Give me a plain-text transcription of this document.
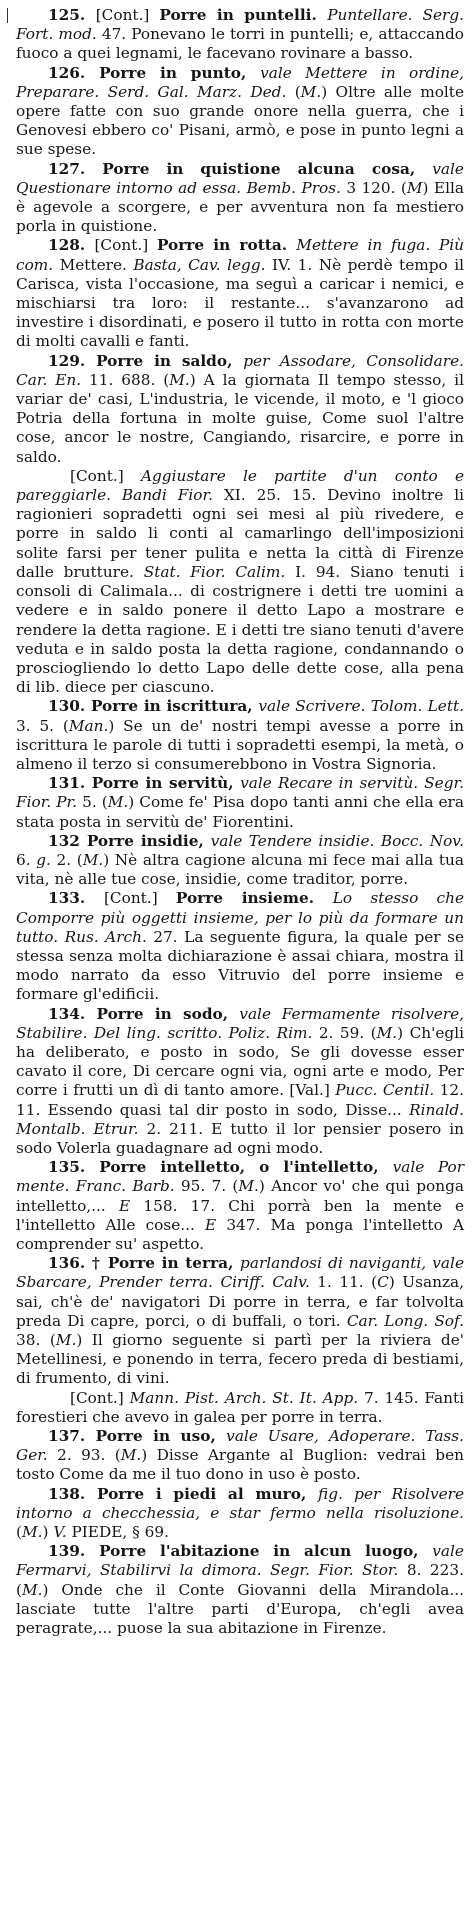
125. [Cont.] Porre in puntelli. Puntellare. Serg. Fort. mod. 47. Ponevano le torri in puntelli; e, attaccando fuoco a quei legnami, le facevano rovinare a basso.

126. Porre in punto, vale Mettere in ordine, Preparare. Serd. Gal. Marz. Ded. (M.) Oltre alle molte opere fatte con suo grande onore nella guerra, che i Genovesi ebbero co' Pisani, armò, e pose in punto legni a sue spese.

127. Porre in quistione alcuna cosa, vale Questionare intorno ad essa. Bemb. Pros. 3 120. (M) Ella è agevole a scorgere, e per avventura non fa mestiero porla in quistione.

128. [Cont.] Porre in rotta. Mettere in fuga. Più com. Mettere. Basta, Cav. legg. IV. 1. Nè perdè tempo il Carisca, vista l'occasione, ma seguì a caricar i nemici, e mischiarsi tra loro: il restante... s'avanzarono ad investire i disordinati, e posero il tutto in rotta con morte di molti cavalli e fanti.

129. Porre in saldo, per Assodare, Consolidare. Car. En. 11. 688. (M.) A la giornata Il tempo stesso, il variar de' casi, L'industria, le vicende, il moto, e 'l gioco Potria della fortuna in molte guise, Come suol l'altre cose, ancor le nostre, Cangiando, risarcire, e porre in saldo.

[Cont.] Aggiustare le partite d'un conto e pareggiarle. Bandi Fior. XI. 25. 15. Devino inoltre li ragionieri sopradetti ogni sei mesi al più rivedere, e porre in saldo li conti al camarlingo dell'imposizioni solite farsi per tener pulita e netta la città di Firenze dalle brutture. Stat. Fior. Calim. I. 94. Siano tenuti i consoli di Calimala... di costrignere i detti tre uomini a vedere e in saldo ponere il detto Lapo a mostrare e rendere la detta ragione. E i detti tre siano tenuti d'avere veduta e in saldo posta la detta ragione, condannando o prosciogliendo lo detto Lapo delle dette cose, alla pena di lib. diece per ciascuno.

130. Porre in iscrittura, vale Scrivere. Tolom. Lett. 3. 5. (Man.) Se un de' nostri tempi avesse a porre in iscrittura le parole di tutti i sopradetti esempi, la metà, o almeno il terzo si consumerebbono in Vostra Signoria.

131. Porre in servitù, vale Recare in servitù. Segr. Fior. Pr. 5. (M.) Come fe' Pisa dopo tanti anni che ella era stata posta in servitù de' Fiorentini.

132 Porre insidie, vale Tendere insidie. Bocc. Nov. 6. g. 2. (M.) Nè altra cagione alcuna mi fece mai alla tua vita, nè alle tue cose, insidie, come traditor, porre.

133. [Cont.] Porre insieme. Lo stesso che Comporre più oggetti insieme, per lo più da formare un tutto. Rus. Arch. 27. La seguente figura, la quale per se stessa senza molta dichiarazione è assai chiara, mostra il modo narrato da esso Vitruvio del porre insieme e formare gl'edificii.

134. Porre in sodo, vale Fermamente risolvere, Stabilire. Del ling. scritto. Poliz. Rim. 2. 59. (M.) Ch'egli ha deliberato, e posto in sodo, Se gli dovesse esser cavato il core, Di cercare ogni via, ogni arte e modo, Per corre i frutti un dì di tanto amore. [Val.] Pucc. Centil. 12. 11. Essendo quasi tal dir posto in sodo, Disse... Rinald. Montalb. Etrur. 2. 211. E tutto il lor pensier posero in sodo Volerla guadagnare ad ogni modo.

135. Porre intelletto, o l'intelletto, vale Por mente. Franc. Barb. 95. 7. (M.) Ancor vo' che qui ponga intelletto,... E 158. 17. Chi porrà ben la mente e l'intelletto Alle cose... E 347. Ma ponga l'intelletto A comprender su' aspetto.

136. † Porre in terra, parlandosi di naviganti, vale Sbarcare, Prender terra. Ciriff. Calv. 1. 11. (C) Usanza, sai, ch'è de' navigatori Di porre in terra, e far tolvolta preda Di capre, porci, o di buffali, o tori. Car. Long. Sof. 38. (M.) Il giorno seguente si partì per la riviera de' Metellinesi, e ponendo in terra, fecero preda di bestiami, di frumento, di vini.

[Cont.] Mann. Pist. Arch. St. It. App. 7. 145. Fanti forestieri che avevo in galea per porre in terra.

137. Porre in uso, vale Usare, Adoperare. Tass. Ger. 2. 93. (M.) Disse Argante al Buglion: vedrai ben tosto Come da me il tuo dono in uso è posto.

138. Porre i piedi al muro, fig. per Risolvere intorno a checchessia, e star fermo nella risoluzione. (M.) V. PIEDE, § 69.

139. Porre l'abitazione in alcun luogo, vale Fermarvi, Stabilirvi la dimora. Segr. Fior. Stor. 8. 223. (M.) Onde che il Conte Giovanni della Mirandola... lasciate tutte l'altre parti d'Europa, ch'egli avea peragrate,... puose la sua abitazione in Firenze.
